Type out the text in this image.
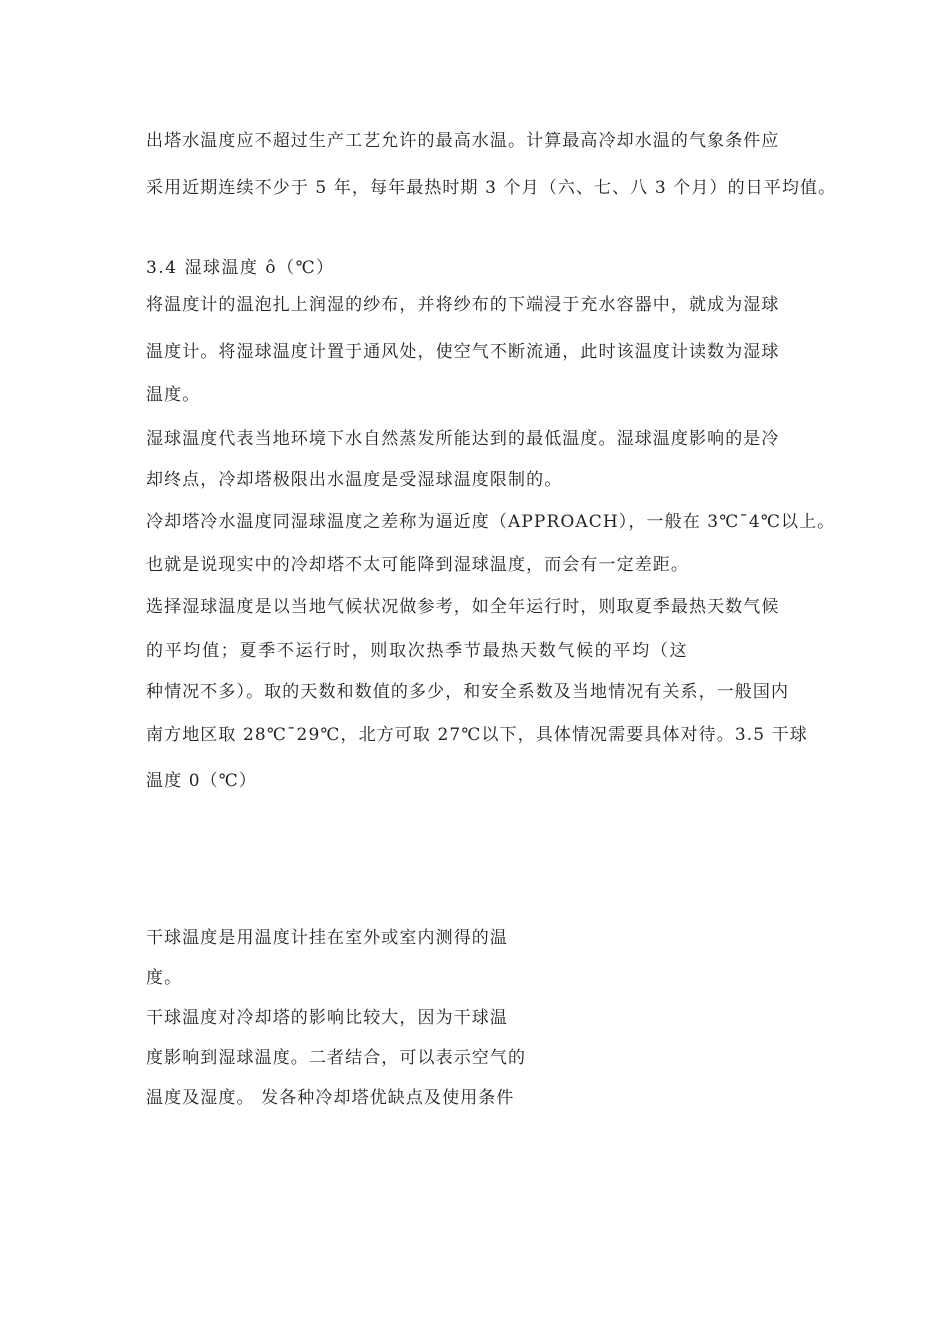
出塔水温度应不超过生产工艺允许的最高水温。计算最高冷却水温的气象条件应
采用近期连续不少于 5 年，每年最热时期 3 个月（六、七、八 3 个月）的日平均值。
3.4 湿球温度 ô（℃）
将温度计的温泡扎上润湿的纱布，并将纱布的下端浸于充水容器中，就成为湿球
温度计。将湿球温度计置于通风处，使空气不断流通，此时该温度计读数为湿球
温度。
湿球温度代表当地环境下水自然蒸发所能达到的最低温度。湿球温度影响的是冷
却终点，冷却塔极限出水温度是受湿球温度限制的。
冷却塔冷水温度同湿球温度之差称为逼近度（APPROACH），一般在 3℃¯4℃以上。
也就是说现实中的冷却塔不太可能降到湿球温度，而会有一定差距。
选择湿球温度是以当地气候状况做参考，如全年运行时，则取夏季最热天数气候
的平均值；夏季不运行时，则取次热季节最热天数气候的平均（这
种情况不多）。取的天数和数值的多少，和安全系数及当地情况有关系，一般国内
南方地区取 28℃¯29℃，北方可取 27℃以下，具体情况需要具体对待。3.5 干球
温度 0（℃）
干球温度是用温度计挂在室外或室内测得的温
度。
干球温度对冷却塔的影响比较大，因为干球温
度影响到湿球温度。二者结合，可以表示空气的
温度及湿度。 发各种冷却塔优缺点及使用条件
